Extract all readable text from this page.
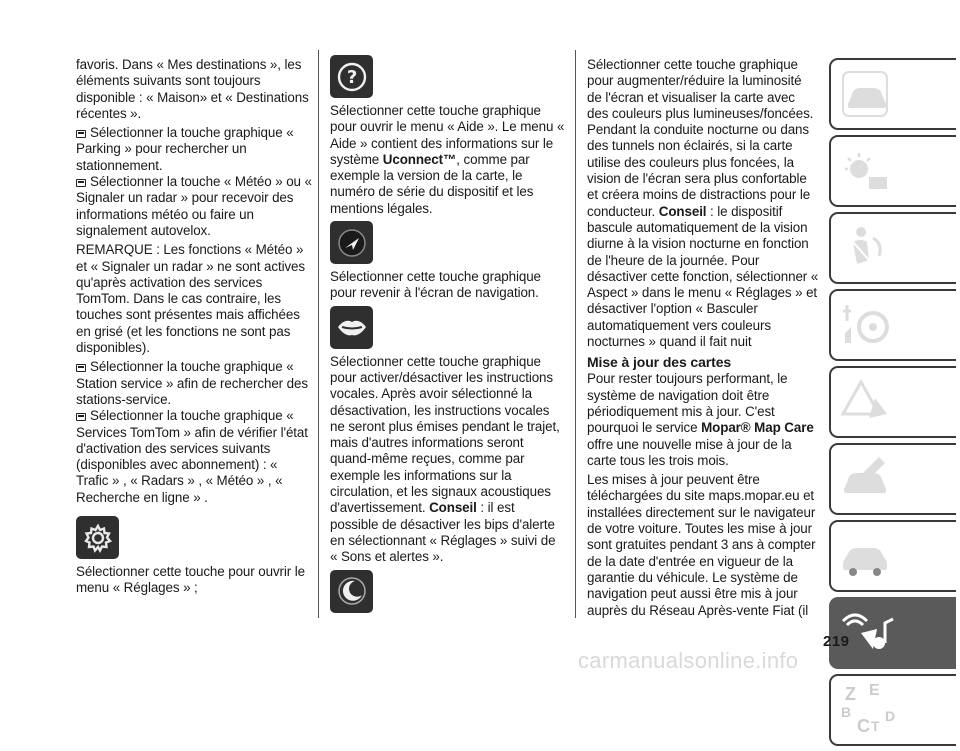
favoris. Dans « Mes destinations », les éléments suivants sont toujours disponible : « Maison» et « Destinations récentes ».

Sélectionner la touche graphique « Parking » pour rechercher un stationnement.

Sélectionner la touche « Météo » ou « Signaler un radar » pour recevoir des informations météo ou faire un signalement autovelox.

REMARQUE : Les fonctions « Météo » et « Signaler un radar » ne sont actives qu'après activation des services TomTom. Dans le cas contraire, les touches sont présentes mais affichées en grisé (et les fonctions ne sont pas disponibles).

Sélectionner la touche graphique « Station service » afin de rechercher des stations-service.

Sélectionner la touche graphique « Services TomTom » afin de vérifier l'état d'activation des services suivants (disponibles avec abonnement) : « Trafic » , « Radars » , « Météo » , « Recherche en ligne » .

Sélectionner cette touche pour ouvrir le menu « Réglages » ;

?

Sélectionner cette touche graphique pour ouvrir le menu « Aide ». Le menu « Aide » contient des informations sur le système Uconnect™, comme par exemple la version de la carte, le numéro de série du dispositif et les mentions légales.

Sélectionner cette touche graphique pour revenir à l'écran de navigation.

Sélectionner cette touche graphique pour activer/désactiver les instructions vocales. Après avoir sélectionné la désactivation, les instructions vocales ne seront plus émises pendant le trajet, mais d'autres informations seront quand-même reçues, comme par exemple les informations sur la circulation, et les signaux acoustiques d'avertissement. Conseil : il est possible de désactiver les bips d'alerte en sélectionnant « Réglages » suivi de « Sons et alertes ».

Sélectionner cette touche graphique pour augmenter/réduire la luminosité de l'écran et visualiser la carte avec des couleurs plus lumineuses/foncées. Pendant la conduite nocturne ou dans des tunnels non éclairés, si la carte utilise des couleurs plus foncées, la vision de l'écran sera plus confortable et créera moins de distractions pour le conducteur. Conseil : le dispositif bascule automatiquement de la vision diurne à la vision nocturne en fonction de l'heure de la journée. Pour désactiver cette fonction, sélectionner « Aspect » dans le menu « Réglages » et désactiver l'option « Basculer automatiquement vers couleurs nocturnes » quand il fait nuit

Mise à jour des cartes

Pour rester toujours performant, le système de navigation doit être périodiquement mis à jour. C'est pourquoi le service Mopar® Map Care offre une nouvelle mise à jour de la carte tous les trois mois.

Les mises à jour peuvent être téléchargées du site maps.mopar.eu et installées directement sur le navigateur de votre voiture. Toutes les mise à jour sont gratuites pendant 3 ans à compter de la date d'entrée en vigueur de la garantie du véhicule. Le système de navigation peut aussi être mis à jour auprès du Réseau Après-vente Fiat (il

Z E
B
C T
D
219
carmanualsonline.info
